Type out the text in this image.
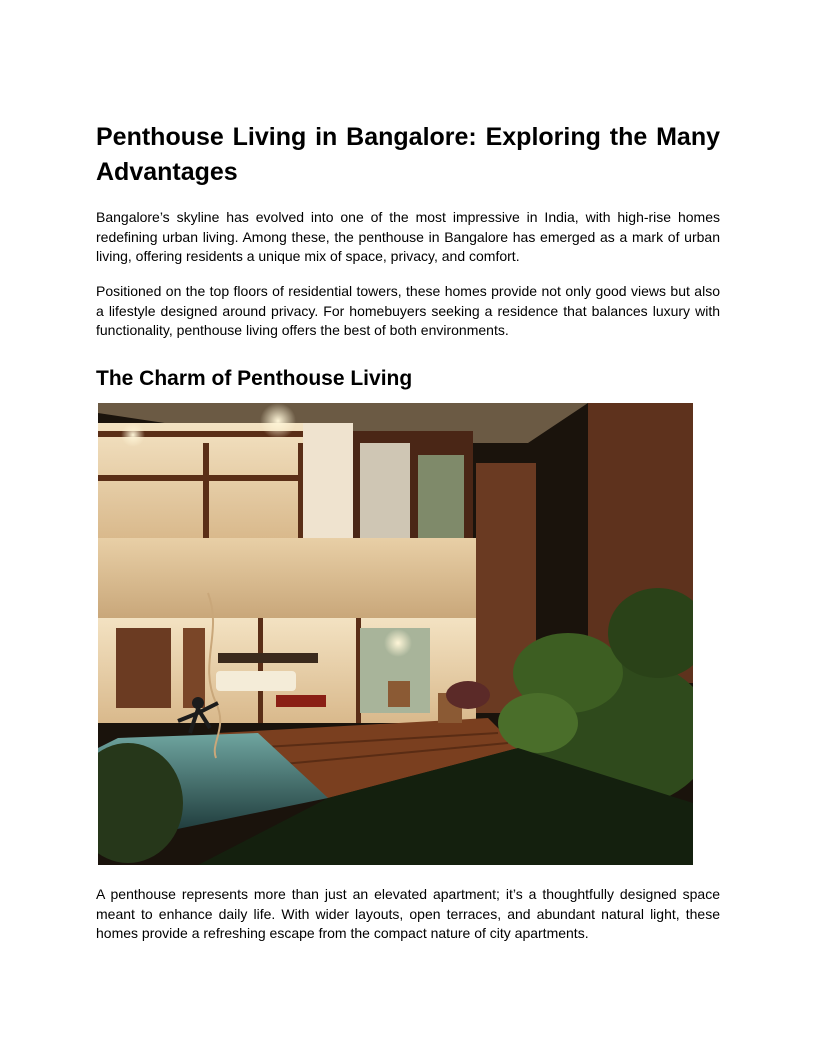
Penthouse Living in Bangalore: Exploring the Many Advantages

Bangalore’s skyline has evolved into one of the most impressive in India, with high-rise homes redefining urban living. Among these, the penthouse in Bangalore has emerged as a mark of urban living, offering residents a unique mix of space, privacy, and comfort.

Positioned on the top floors of residential towers, these homes provide not only good views but also a lifestyle designed around privacy. For homebuyers seeking a residence that balances luxury with functionality, penthouse living offers the best of both environments.

The Charm of Penthouse Living

A penthouse represents more than just an elevated apartment; it’s a thoughtfully designed space meant to enhance daily life. With wider layouts, open terraces, and abundant natural light, these homes provide a refreshing escape from the compact nature of city apartments.
